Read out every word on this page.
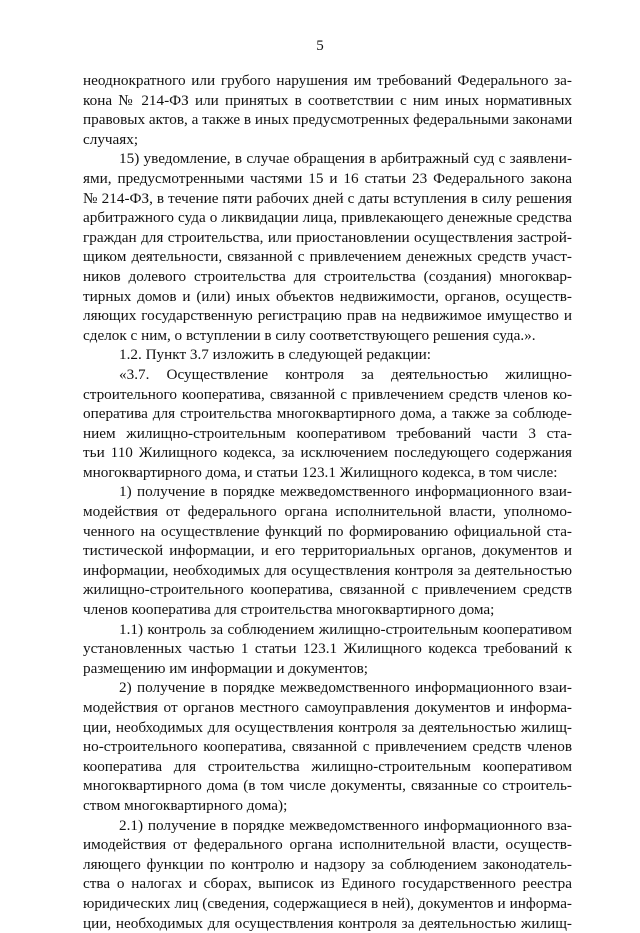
5
неоднократного или грубого нарушения им требований Федерального за-
кона № 214-ФЗ или принятых в соответствии с ним иных нормативных
правовых актов, а также в иных предусмотренных федеральными законами
случаях;
15) уведомление, в случае обращения в арбитражный суд с заявлени-
ями, предусмотренными частями 15 и 16 статьи 23 Федерального закона
№ 214-ФЗ, в течение пяти рабочих дней с даты вступления в силу решения
арбитражного суда о ликвидации лица, привлекающего денежные средства
граждан для строительства, или приостановлении осуществления застрой-
щиком деятельности, связанной с привлечением денежных средств участ-
ников долевого строительства для строительства (создания) многоквар-
тирных домов и (или) иных объектов недвижимости, органов, осуществ-
ляющих государственную регистрацию прав на недвижимое имущество и
сделок с ним, о вступлении в силу соответствующего решения суда.».
1.2. Пункт 3.7 изложить в следующей редакции:
«3.7. Осуществление контроля за деятельностью жилищно-
строительного кооператива, связанной с привлечением средств членов ко-
оператива для строительства многоквартирного дома, а также за соблюде-
нием жилищно-строительным кооперативом требований части 3 ста-
тьи 110 Жилищного кодекса, за исключением последующего содержания
многоквартирного дома, и статьи 123.1 Жилищного кодекса, в том числе:
1) получение в порядке межведомственного информационного взаи-
модействия от федерального органа исполнительной власти, уполномо-
ченного на осуществление функций по формированию официальной ста-
тистической информации, и его территориальных органов, документов и
информации, необходимых для осуществления контроля за деятельностью
жилищно-строительного кооператива, связанной с привлечением средств
членов кооператива для строительства многоквартирного дома;
1.1) контроль за соблюдением жилищно-строительным кооперативом
установленных частью 1 статьи 123.1 Жилищного кодекса требований к
размещению им информации и документов;
2) получение в порядке межведомственного информационного взаи-
модействия от органов местного самоуправления документов и информа-
ции, необходимых для осуществления контроля за деятельностью жилищ-
но-строительного кооператива, связанной с привлечением средств членов
кооператива для строительства жилищно-строительным кооперативом
многоквартирного дома (в том числе документы, связанные со строитель-
ством многоквартирного дома);
2.1) получение в порядке межведомственного информационного вза-
имодействия от федерального органа исполнительной власти, осуществ-
ляющего функции по контролю и надзору за соблюдением законодатель-
ства о налогах и сборах, выписок из Единого государственного реестра
юридических лиц (сведения, содержащиеся в ней), документов и информа-
ции, необходимых для осуществления контроля за деятельностью жилищ-
